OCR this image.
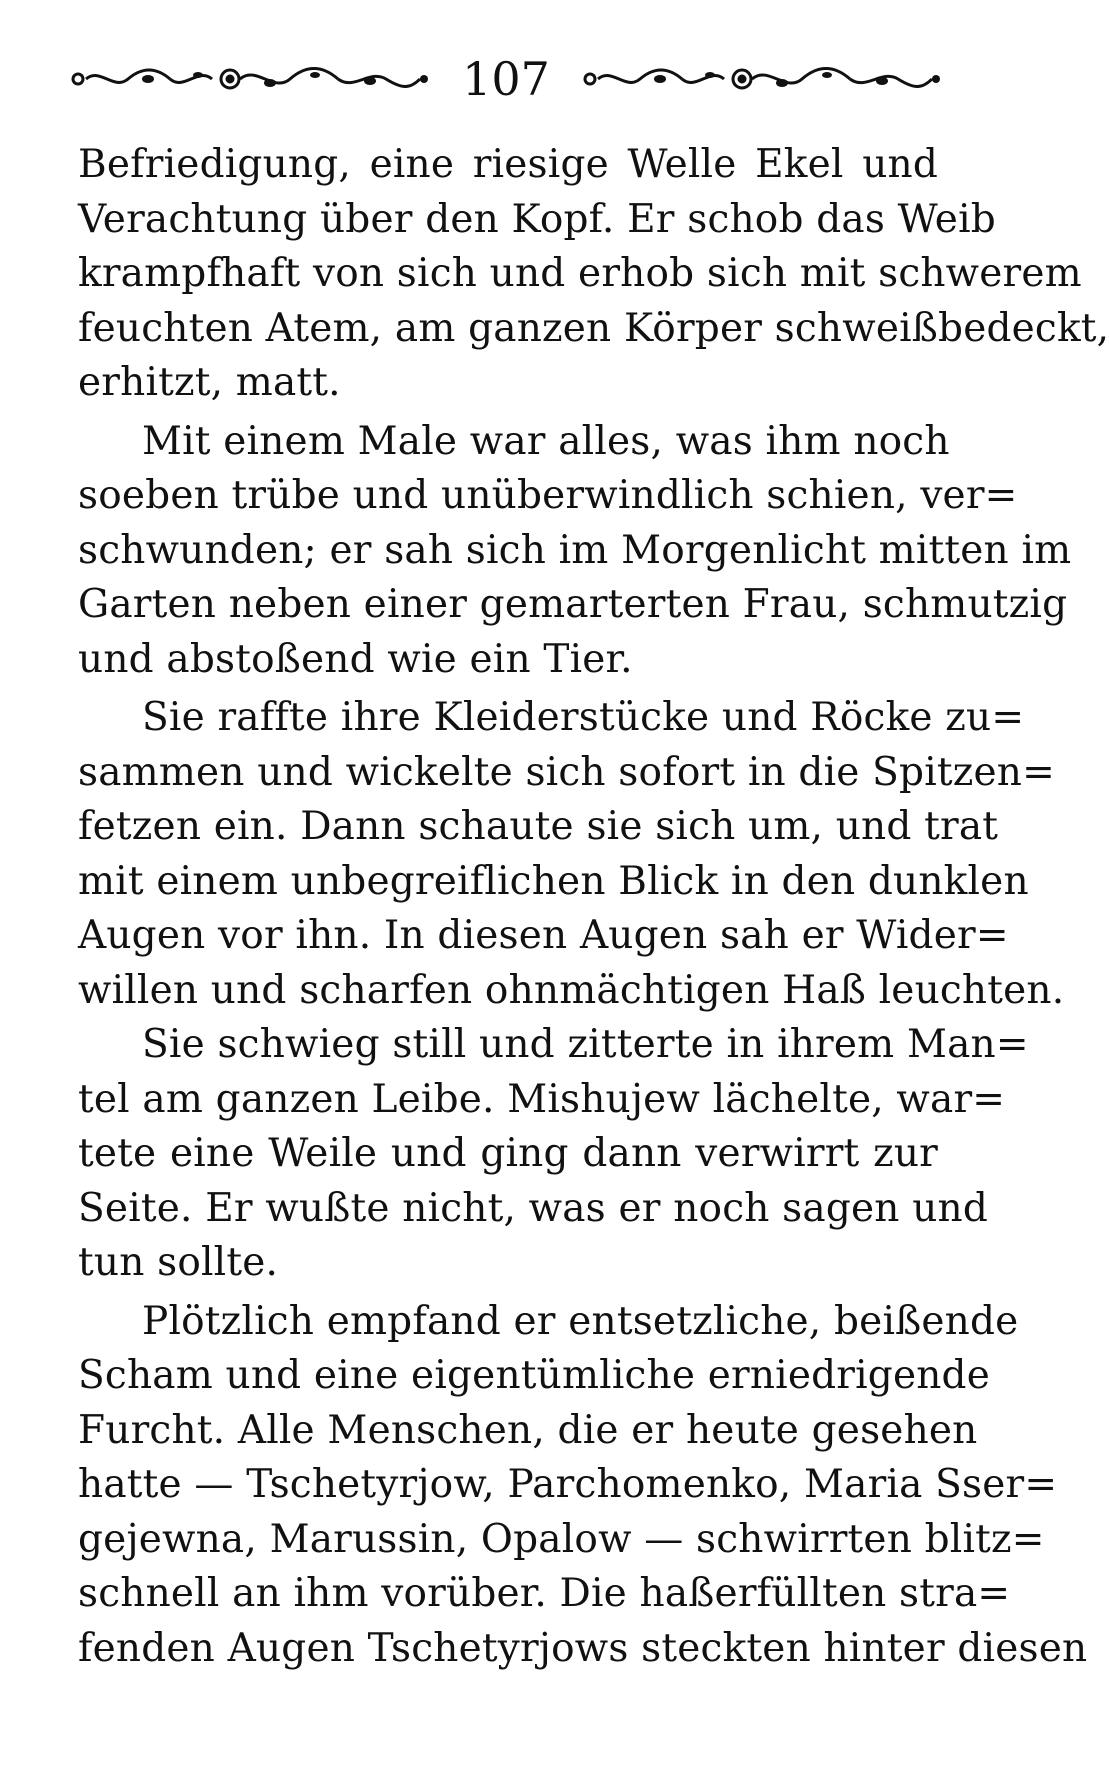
107
Befriedigung, eine riesige Welle Ekel und
Verachtung über den Kopf. Er schob das Weib
krampfhaft von sich und erhob sich mit schwerem
feuchten Atem, am ganzen Körper schweißbedeckt,
erhitzt, matt.
Mit einem Male war alles, was ihm noch
soeben trübe und unüberwindlich schien, ver=
schwunden; er sah sich im Morgenlicht mitten im
Garten neben einer gemarterten Frau, schmutzig
und abstoßend wie ein Tier.
Sie raffte ihre Kleiderstücke und Röcke zu=
sammen und wickelte sich sofort in die Spitzen=
fetzen ein. Dann schaute sie sich um, und trat
mit einem unbegreiflichen Blick in den dunklen
Augen vor ihn. In diesen Augen sah er Wider=
willen und scharfen ohnmächtigen Haß leuchten.
Sie schwieg still und zitterte in ihrem Man=
tel am ganzen Leibe. Mishujew lächelte, war=
tete eine Weile und ging dann verwirrt zur
Seite. Er wußte nicht, was er noch sagen und
tun sollte.
Plötzlich empfand er entsetzliche, beißende
Scham und eine eigentümliche erniedrigende
Furcht. Alle Menschen, die er heute gesehen
hatte — Tschetyrjow, Parchomenko, Maria Sser=
gejewna, Marussin, Opalow — schwirrten blitz=
schnell an ihm vorüber. Die haßerfüllten stra=
fenden Augen Tschetyrjows steckten hinter diesen
